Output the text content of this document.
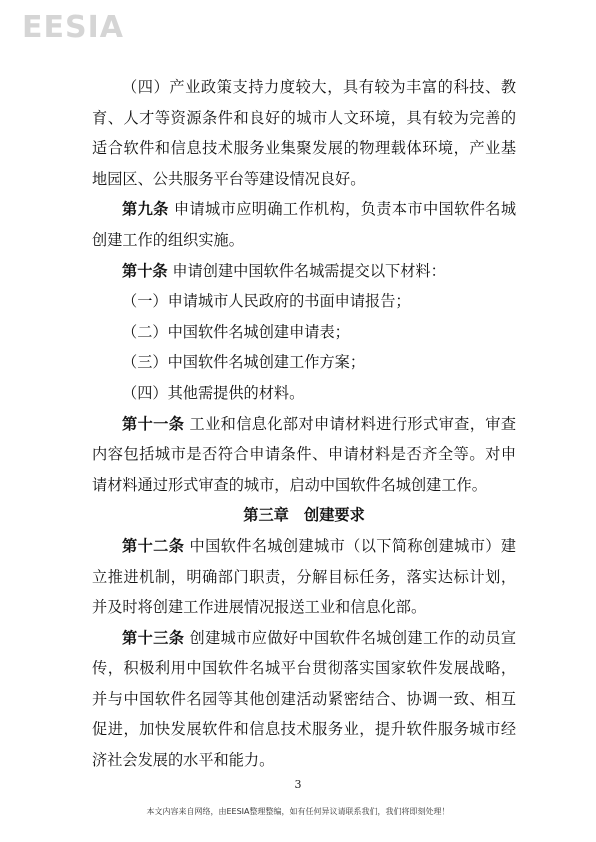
EESIA

（四）产业政策支持力度较大，具有较为丰富的科技、教育、人才等资源条件和良好的城市人文环境，具有较为完善的适合软件和信息技术服务业集聚发展的物理载体环境，产业基地园区、公共服务平台等建设情况良好。

第九条 申请城市应明确工作机构，负责本市中国软件名城创建工作的组织实施。

第十条 申请创建中国软件名城需提交以下材料：

（一）申请城市人民政府的书面申请报告；

（二）中国软件名城创建申请表；

（三）中国软件名城创建工作方案；

（四）其他需提供的材料。

第十一条 工业和信息化部对申请材料进行形式审查，审查内容包括城市是否符合申请条件、申请材料是否齐全等。对申请材料通过形式审查的城市，启动中国软件名城创建工作。

第三章　创建要求

第十二条 中国软件名城创建城市（以下简称创建城市）建立推进机制，明确部门职责，分解目标任务，落实达标计划，并及时将创建工作进展情况报送工业和信息化部。

第十三条 创建城市应做好中国软件名城创建工作的动员宣传，积极利用中国软件名城平台贯彻落实国家软件发展战略，并与中国软件名园等其他创建活动紧密结合、协调一致、相互促进，加快发展软件和信息技术服务业，提升软件服务城市经济社会发展的水平和能力。

3
本文内容来自网络，由EESIA整理整编，如有任何异议请联系我们，我们将即刻处理！
